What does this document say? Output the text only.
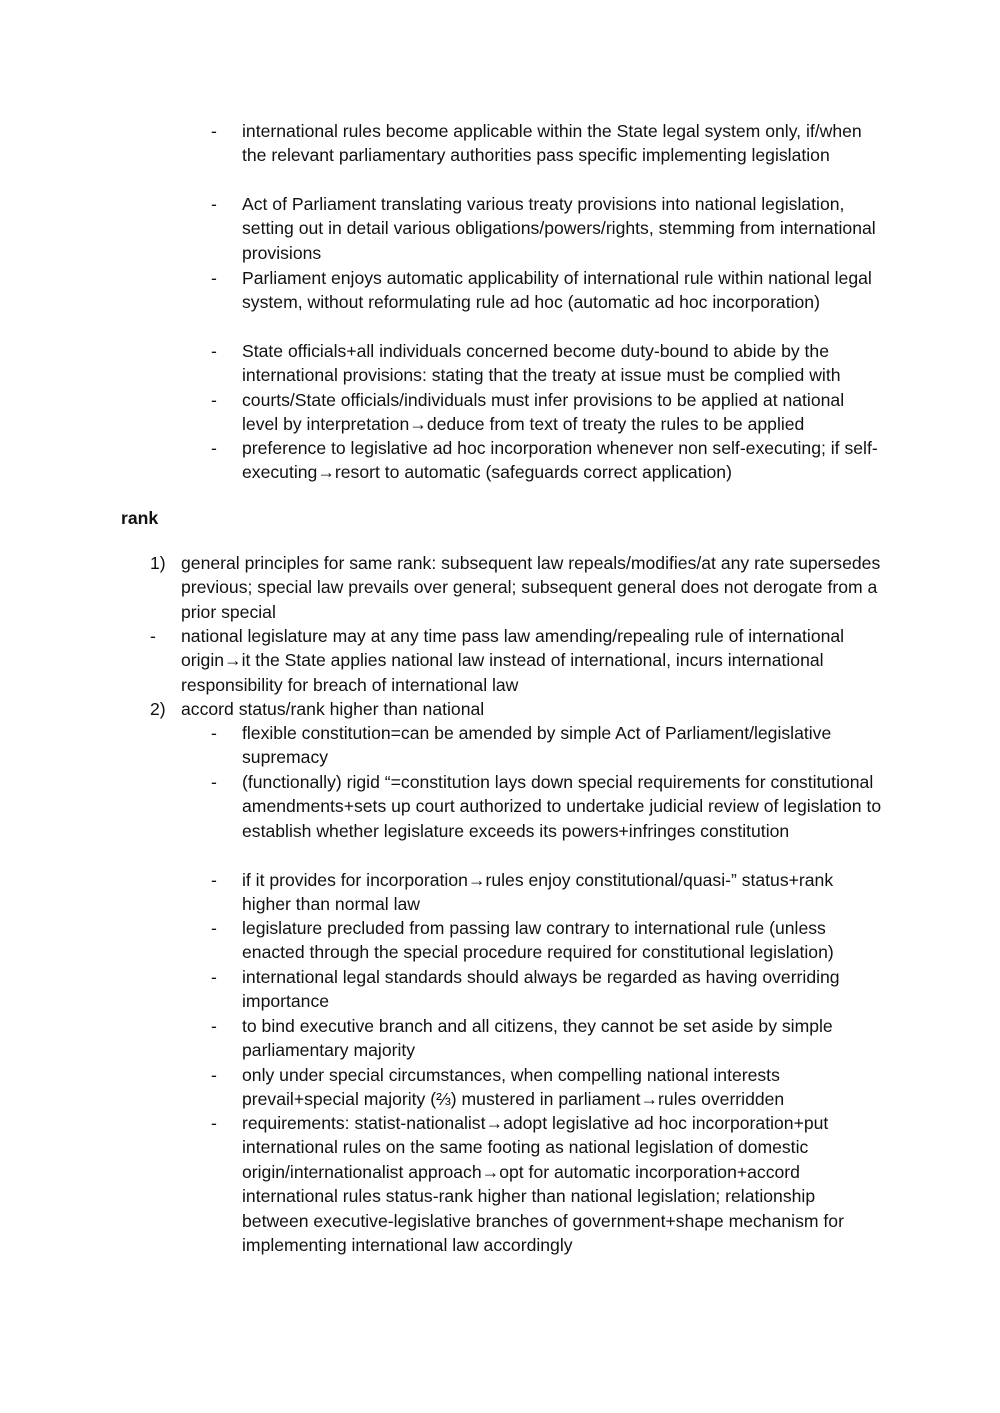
- international rules become applicable within the State legal system only, if/when the relevant parliamentary authorities pass specific implementing legislation
- Act of Parliament translating various treaty provisions into national legislation, setting out in detail various obligations/powers/rights, stemming from international provisions
- Parliament enjoys automatic applicability of international rule within national legal system, without reformulating rule ad hoc (automatic ad hoc incorporation)
- State officials+all individuals concerned become duty-bound to abide by the international provisions: stating that the treaty at issue must be complied with
- courts/State officials/individuals must infer provisions to be applied at national level by interpretation→deduce from text of treaty the rules to be applied
- preference to legislative ad hoc incorporation whenever non self-executing; if self-executing→resort to automatic (safeguards correct application)
rank
1) general principles for same rank: subsequent law repeals/modifies/at any rate supersedes previous; special law prevails over general; subsequent general does not derogate from a prior special
- national legislature may at any time pass law amending/repealing rule of international origin→it the State applies national law instead of international, incurs international responsibility for breach of international law
2) accord status/rank higher than national
- flexible constitution=can be amended by simple Act of Parliament/legislative supremacy
- (functionally) rigid “=constitution lays down special requirements for constitutional amendments+sets up court authorized to undertake judicial review of legislation to establish whether legislature exceeds its powers+infringes constitution
- if it provides for incorporation→rules enjoy constitutional/quasi-” status+rank higher than normal law
- legislature precluded from passing law contrary to international rule (unless enacted through the special procedure required for constitutional legislation)
- international legal standards should always be regarded as having overriding importance
- to bind executive branch and all citizens, they cannot be set aside by simple parliamentary majority
- only under special circumstances, when compelling national interests prevail+special majority (⅔) mustered in parliament→rules overridden
- requirements: statist-nationalist→adopt legislative ad hoc incorporation+put international rules on the same footing as national legislation of domestic origin/internationalist approach→opt for automatic incorporation+accord international rules status-rank higher than national legislation; relationship between executive-legislative branches of government+shape mechanism for implementing international law accordingly
